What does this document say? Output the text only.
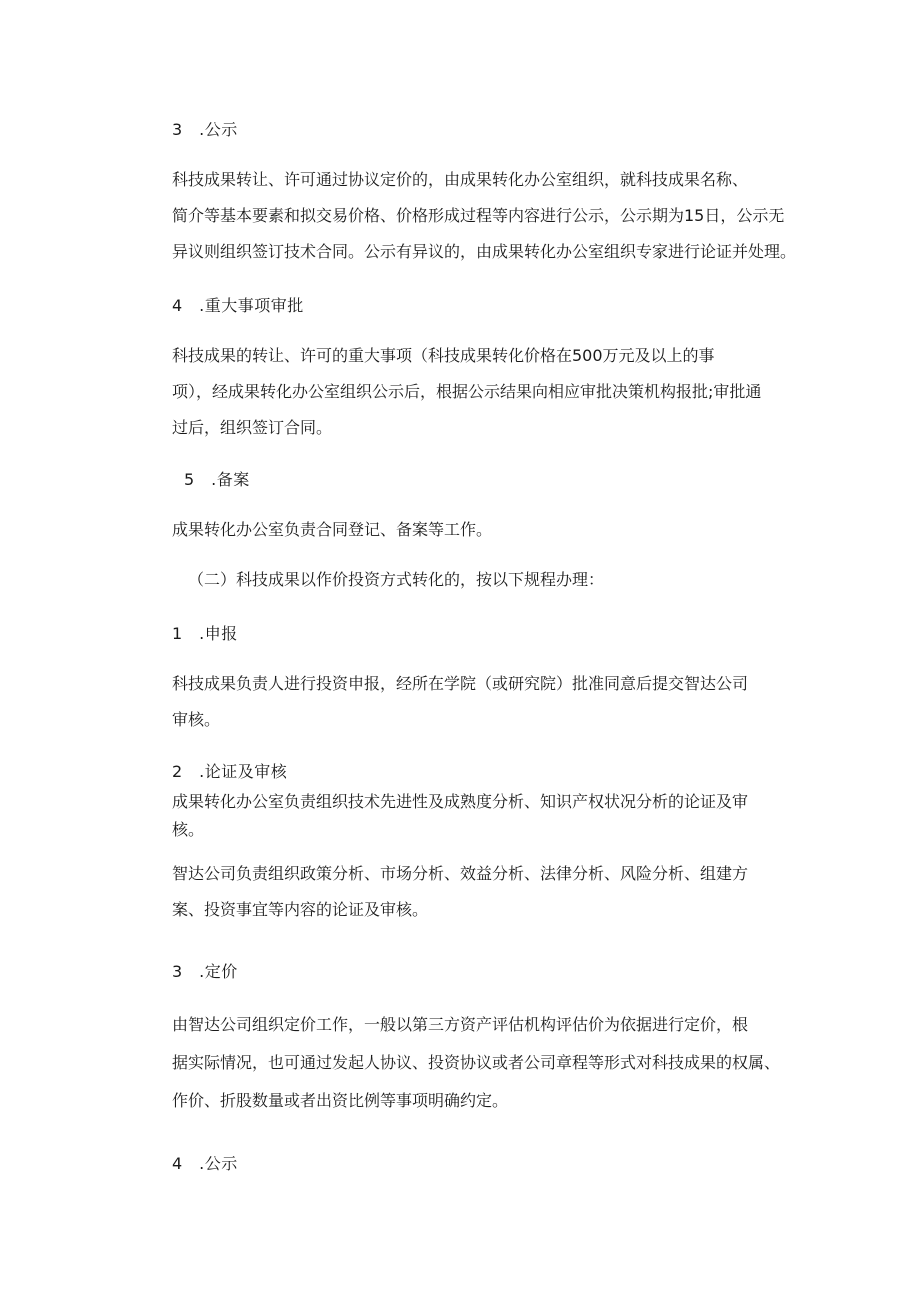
3　.公示

科技成果转让、许可通过协议定价的，由成果转化办公室组织，就科技成果名称、
简介等基本要素和拟交易价格、价格形成过程等内容进行公示，公示期为15日，公示无
异议则组织签订技术合同。公示有异议的，由成果转化办公室组织专家进行论证并处理。

4　.重大事项审批

科技成果的转让、许可的重大事项（科技成果转化价格在500万元及以上的事
项），经成果转化办公室组织公示后，根据公示结果向相应审批决策机构报批;审批通
过后，组织签订合同。

5　.备案

成果转化办公室负责合同登记、备案等工作。

（二）科技成果以作价投资方式转化的，按以下规程办理：

1　.申报

科技成果负责人进行投资申报，经所在学院（或研究院）批准同意后提交智达公司
审核。

2　.论证及审核

成果转化办公室负责组织技术先进性及成熟度分析、知识产权状况分析的论证及审
核。

智达公司负责组织政策分析、市场分析、效益分析、法律分析、风险分析、组建方
案、投资事宜等内容的论证及审核。

3　.定价

由智达公司组织定价工作，一般以第三方资产评估机构评估价为依据进行定价，根
据实际情况，也可通过发起人协议、投资协议或者公司章程等形式对科技成果的权属、
作价、折股数量或者出资比例等事项明确约定。

4　.公示
